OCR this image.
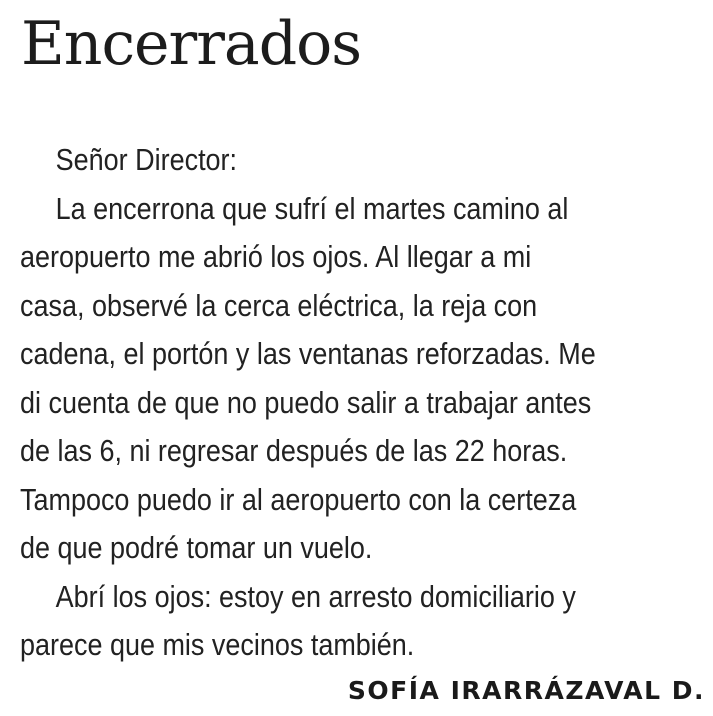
Encerrados
Señor Director:
La encerrona que sufrí el martes camino al
aeropuerto me abrió los ojos. Al llegar a mi
casa, observé la cerca eléctrica, la reja con
cadena, el portón y las ventanas reforzadas. Me
di cuenta de que no puedo salir a trabajar antes
de las 6, ni regresar después de las 22 horas.
Tampoco puedo ir al aeropuerto con la certeza
de que podré tomar un vuelo.
Abrí los ojos: estoy en arresto domiciliario y
parece que mis vecinos también.

SOFÍA IRARRÁZAVAL D.
